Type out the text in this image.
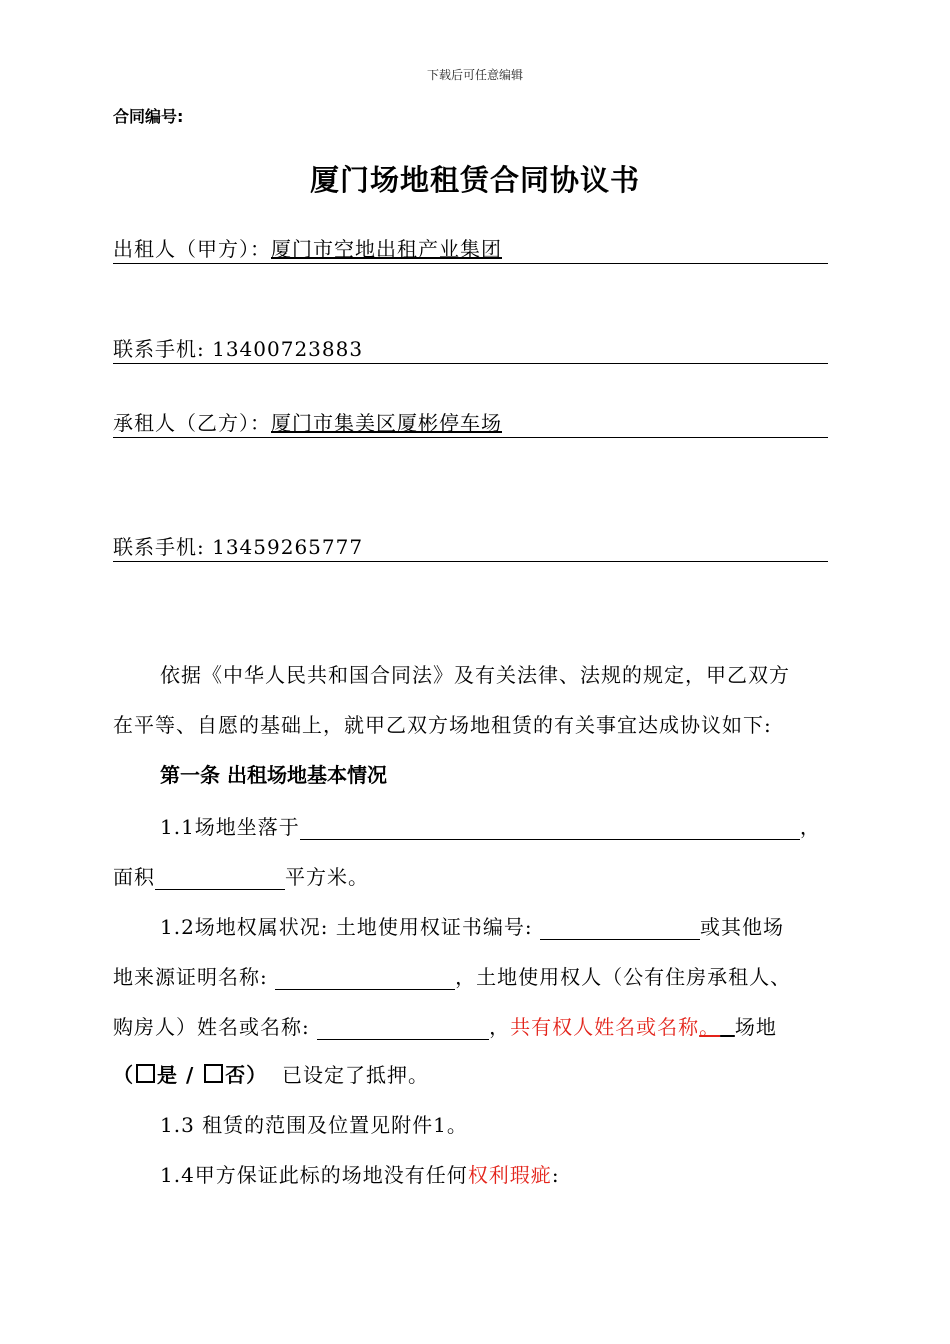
下载后可任意编辑
合同编号:
厦门场地租赁合同协议书
出租人（甲方）：厦门市空地出租产业集团
联系手机: 13400723883
承租人（乙方）：厦门市集美区厦彬停车场
联系手机: 13459265777
依据《中华人民共和国合同法》及有关法律、法规的规定，甲乙双方
在平等、自愿的基础上，就甲乙双方场地租赁的有关事宜达成协议如下:
第一条 出租场地基本情况
1.1场地坐落于	，
面积	平方米。
1.2场地权属状况: 土地使用权证书编号:	或其他场
地来源证明名称:	，土地使用权人（公有住房承租人、
购房人）姓名或名称:	，共有权人姓名或名称。 场地
（ 是 / 否） 已设定了抵押。
1.3 租赁的范围及位置见附件1。
1.4甲方保证此标的场地没有任何权利瑕疵:
